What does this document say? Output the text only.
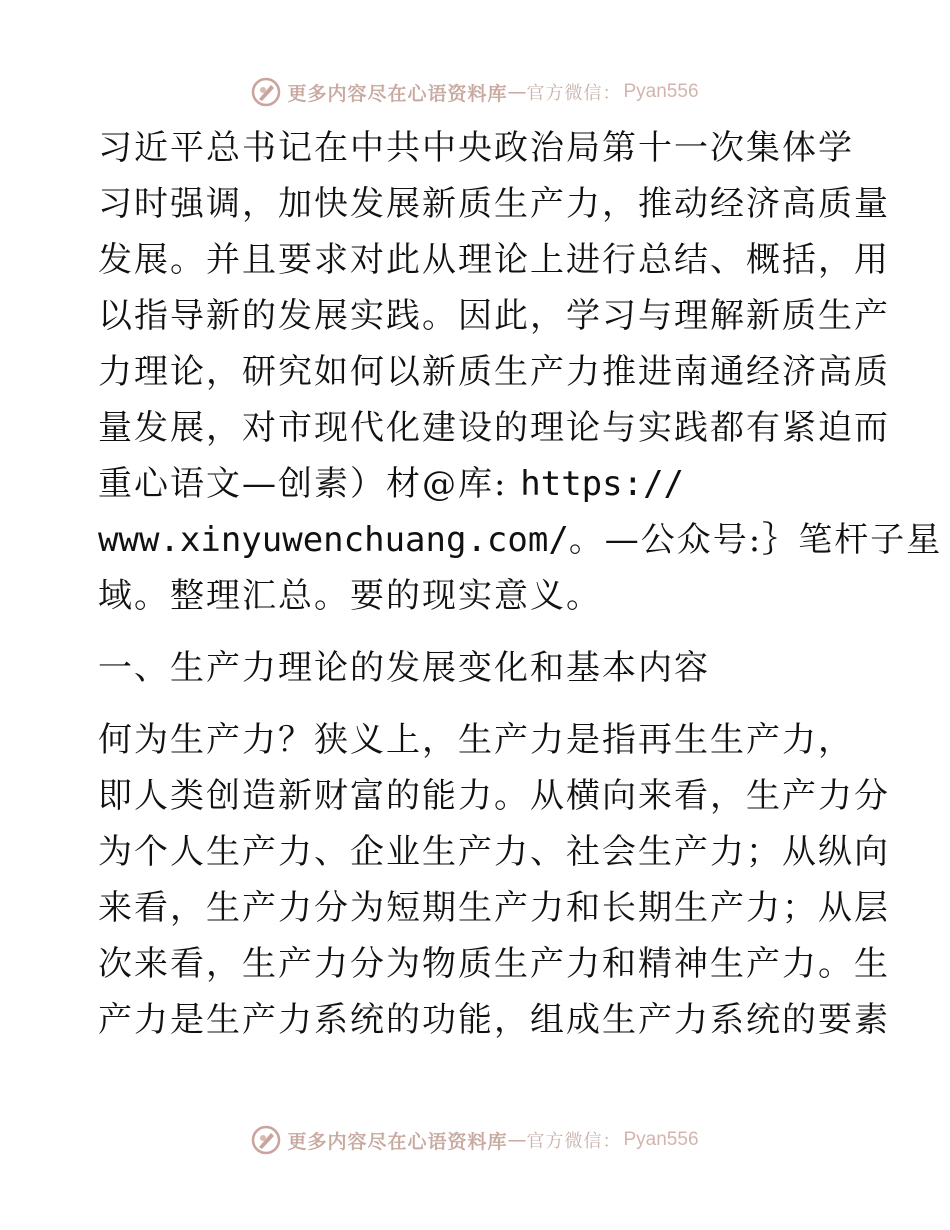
更多内容尽在心语资料库 — 官方微信： Pyan556
习近平总书记在中共中央政治局第十一次集体学
习时强调，加快发展新质生产力，推动经济高质量
发展。并且要求对此从理论上进行总结、概括，用
以指导新的发展实践。因此，学习与理解新质生产
力理论，研究如何以新质生产力推进南通经济高质
量发展，对市现代化建设的理论与实践都有紧迫而
重心语文—创素）材@库: https://
www.xinyuwenchuang.com/。—公众号:｝笔杆子星
域。整理汇总。要的现实意义。
一、生产力理论的发展变化和基本内容
何为生产力？狭义上，生产力是指再生生产力，
即人类创造新财富的能力。从横向来看，生产力分
为个人生产力、企业生产力、社会生产力；从纵向
来看，生产力分为短期生产力和长期生产力；从层
次来看，生产力分为物质生产力和精神生产力。生
产力是生产力系统的功能，组成生产力系统的要素
更多内容尽在心语资料库 — 官方微信： Pyan556
